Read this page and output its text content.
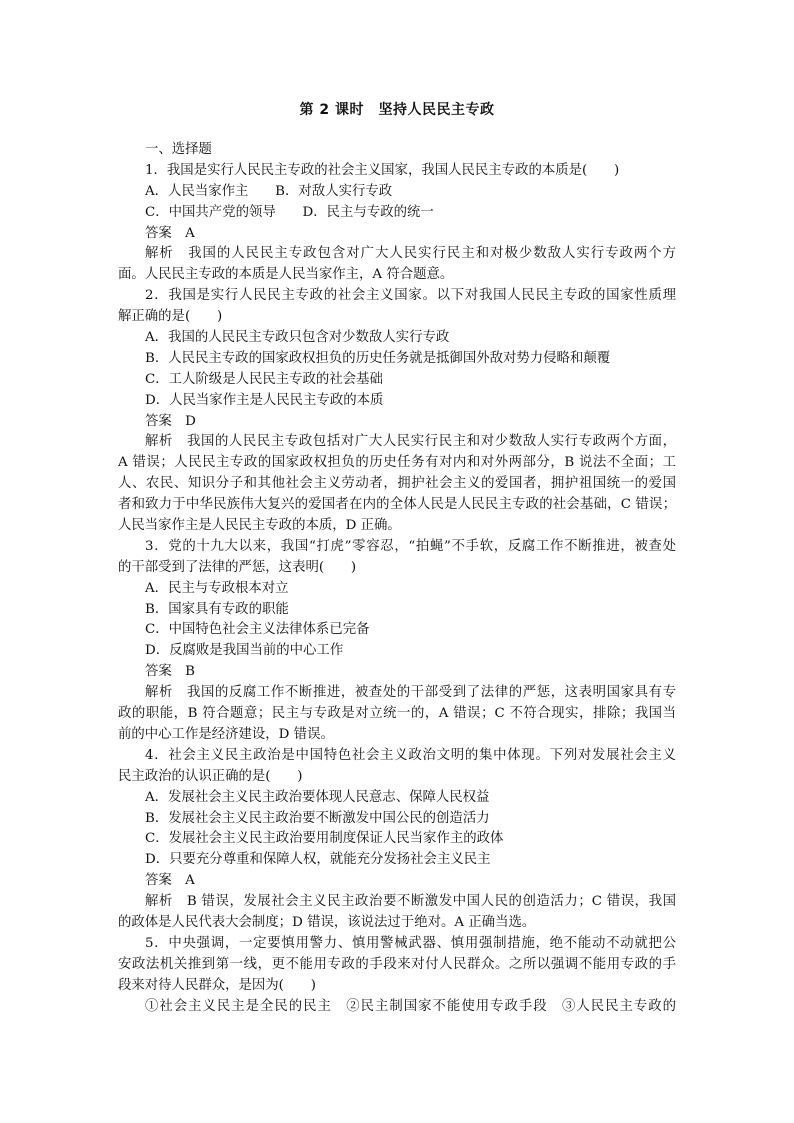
第 2 课时　坚持人民民主专政
一、选择题
1．我国是实行人民民主专政的社会主义国家，我国人民民主专政的本质是(　　)
A．人民当家作主　　B．对敌人实行专政
C．中国共产党的领导　　D．民主与专政的统一
答案　A
解析　我国的人民民主专政包含对广大人民实行民主和对极少数敌人实行专政两个方
面。人民民主专政的本质是人民当家作主，A 符合题意。
2．我国是实行人民民主专政的社会主义国家。以下对我国人民民主专政的国家性质理
解正确的是(　　)
A．我国的人民民主专政只包含对少数敌人实行专政
B．人民民主专政的国家政权担负的历史任务就是抵御国外敌对势力侵略和颠覆
C．工人阶级是人民民主专政的社会基础
D．人民当家作主是人民民主专政的本质
答案　D
解析　我国的人民民主专政包括对广大人民实行民主和对少数敌人实行专政两个方面，
A 错误；人民民主专政的国家政权担负的历史任务有对内和对外两部分，B 说法不全面；工
人、农民、知识分子和其他社会主义劳动者，拥护社会主义的爱国者，拥护祖国统一的爱国
者和致力于中华民族伟大复兴的爱国者在内的全体人民是人民民主专政的社会基础，C 错误；
人民当家作主是人民民主专政的本质，D 正确。
3．党的十九大以来，我国“打虎”零容忍，“拍蝇”不手软，反腐工作不断推进，被查处
的干部受到了法律的严惩，这表明(　　)
A．民主与专政根本对立
B．国家具有专政的职能
C．中国特色社会主义法律体系已完备
D．反腐败是我国当前的中心工作
答案　B
解析　我国的反腐工作不断推进，被查处的干部受到了法律的严惩，这表明国家具有专
政的职能，B 符合题意；民主与专政是对立统一的，A 错误；C 不符合现实，排除；我国当
前的中心工作是经济建设，D 错误。
4．社会主义民主政治是中国特色社会主义政治文明的集中体现。下列对发展社会主义
民主政治的认识正确的是(　　)
A．发展社会主义民主政治要体现人民意志、保障人民权益
B．发展社会主义民主政治要不断激发中国公民的创造活力
C．发展社会主义民主政治要用制度保证人民当家作主的政体
D．只要充分尊重和保障人权，就能充分发扬社会主义民主
答案　A
解析　B 错误，发展社会主义民主政治要不断激发中国人民的创造活力；C 错误，我国
的政体是人民代表大会制度；D 错误，该说法过于绝对。A 正确当选。
5．中央强调，一定要慎用警力、慎用警械武器、慎用强制措施，绝不能动不动就把公
安政法机关推到第一线，更不能用专政的手段来对付人民群众。之所以强调不能用专政的手
段来对待人民群众，是因为(　　)
①社会主义民主是全民的民主　②民主制国家不能使用专政手段　③人民民主专政的
